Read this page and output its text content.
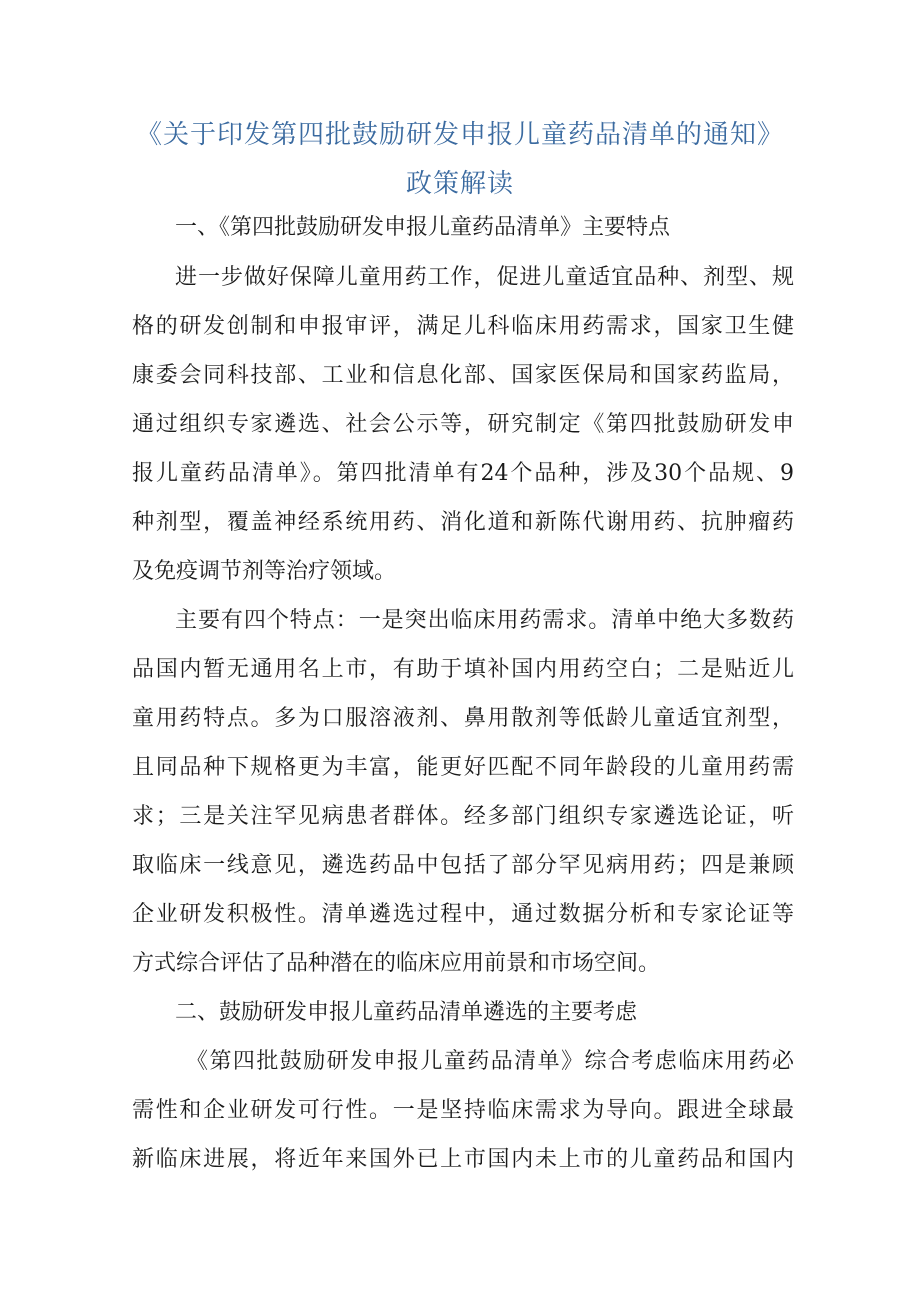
《关于印发第四批鼓励研发申报儿童药品清单的通知》
政策解读
一、《第四批鼓励研发申报儿童药品清单》主要特点
进一步做好保障儿童用药工作，促进儿童适宜品种、剂型、规
格的研发创制和申报审评，满足儿科临床用药需求，国家卫生健
康委会同科技部、工业和信息化部、国家医保局和国家药监局，
通过组织专家遴选、社会公示等，研究制定《第四批鼓励研发申
报儿童药品清单》。第四批清单有24个品种，涉及30个品规、9
种剂型，覆盖神经系统用药、消化道和新陈代谢用药、抗肿瘤药
及免疫调节剂等治疗领域。
主要有四个特点：一是突出临床用药需求。清单中绝大多数药
品国内暂无通用名上市，有助于填补国内用药空白；二是贴近儿
童用药特点。多为口服溶液剂、鼻用散剂等低龄儿童适宜剂型，
且同品种下规格更为丰富，能更好匹配不同年龄段的儿童用药需
求；三是关注罕见病患者群体。经多部门组织专家遴选论证，听
取临床一线意见，遴选药品中包括了部分罕见病用药；四是兼顾
企业研发积极性。清单遴选过程中，通过数据分析和专家论证等
方式综合评估了品种潜在的临床应用前景和市场空间。
二、鼓励研发申报儿童药品清单遴选的主要考虑
《第四批鼓励研发申报儿童药品清单》综合考虑临床用药必
需性和企业研发可行性。一是坚持临床需求为导向。跟进全球最
新临床进展，将近年来国外已上市国内未上市的儿童药品和国内
